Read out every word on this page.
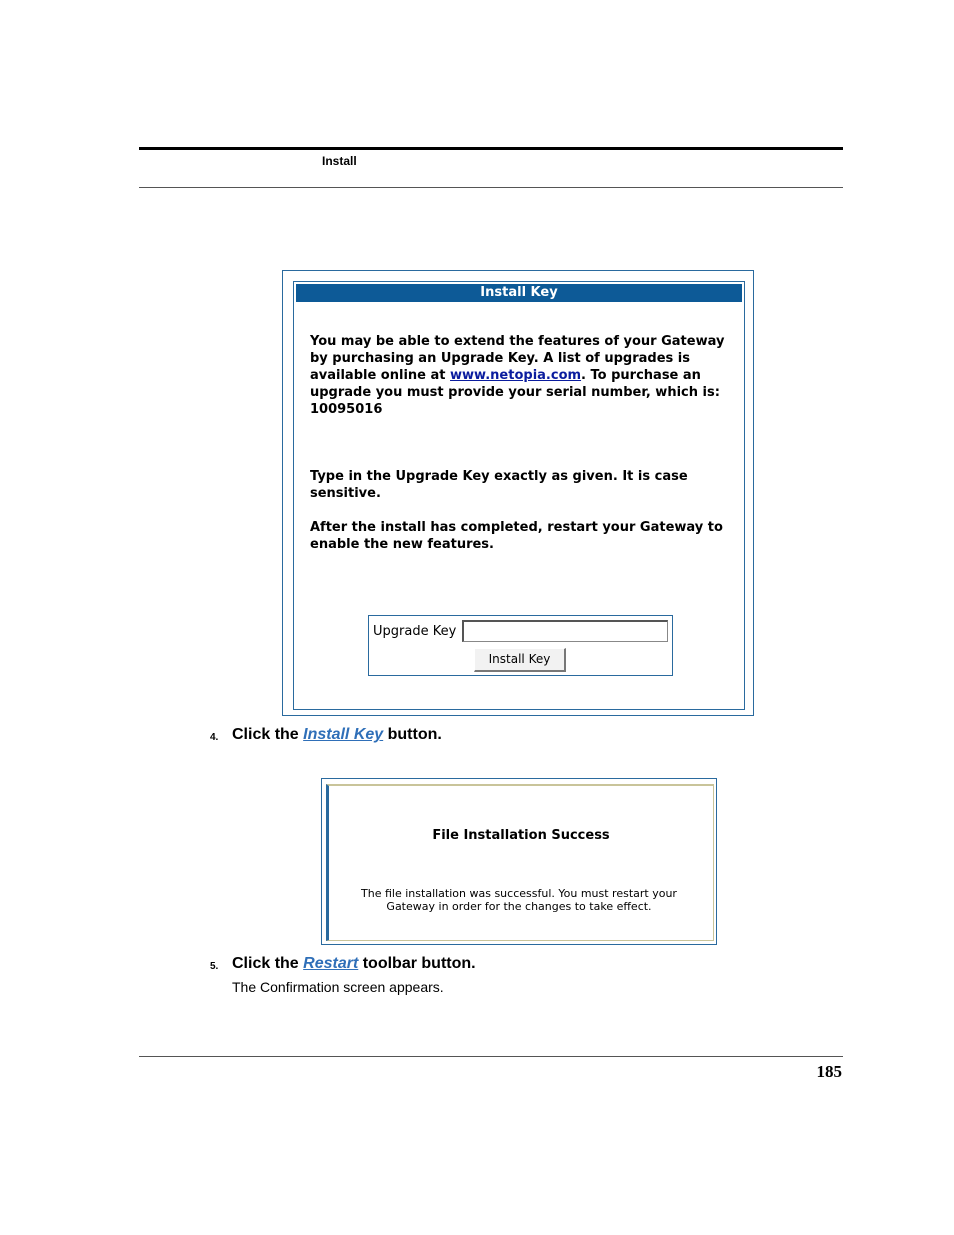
Install
Install Key

You may be able to extend the features of your Gateway by purchasing an Upgrade Key. A list of upgrades is available online at www.netopia.com. To purchase an upgrade you must provide your serial number, which is: 10095016

Type in the Upgrade Key exactly as given. It is case sensitive.

After the install has completed, restart your Gateway to enable the new features.

Upgrade Key
Install Key
4. Click the Install Key button.
File Installation Success

The file installation was successful. You must restart your Gateway in order for the changes to take effect.

5. Click the Restart toolbar button.
The Confirmation screen appears.
185
